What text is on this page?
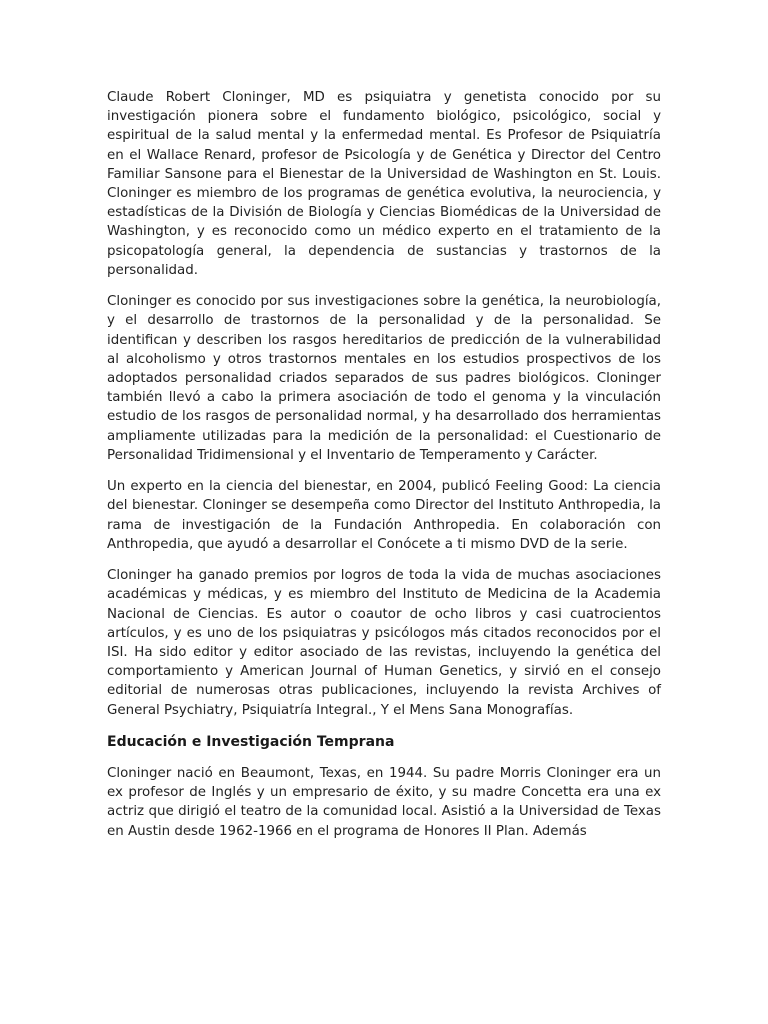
Claude Robert Cloninger, MD es psiquiatra y genetista conocido por su investigación pionera sobre el fundamento biológico, psicológico, social y espiritual de la salud mental y la enfermedad mental. Es Profesor de Psiquiatría en el Wallace Renard, profesor de Psicología y de Genética y Director del Centro Familiar Sansone para el Bienestar de la Universidad de Washington en St. Louis. Cloninger es miembro de los programas de genética evolutiva, la neurociencia, y estadísticas de la División de Biología y Ciencias Biomédicas de la Universidad de Washington, y es reconocido como un médico experto en el tratamiento de la psicopatología general, la dependencia de sustancias y trastornos de la personalidad.

Cloninger es conocido por sus investigaciones sobre la genética, la neurobiología, y el desarrollo de trastornos de la personalidad y de la personalidad. Se identifican y describen los rasgos hereditarios de predicción de la vulnerabilidad al alcoholismo y otros trastornos mentales en los estudios prospectivos de los adoptados personalidad criados separados de sus padres biológicos. Cloninger también llevó a cabo la primera asociación de todo el genoma y la vinculación estudio de los rasgos de personalidad normal, y ha desarrollado dos herramientas ampliamente utilizadas para la medición de la personalidad: el Cuestionario de Personalidad Tridimensional y el Inventario de Temperamento y Carácter.

Un experto en la ciencia del bienestar, en 2004, publicó Feeling Good: La ciencia del bienestar. Cloninger se desempeña como Director del Instituto Anthropedia, la rama de investigación de la Fundación Anthropedia. En colaboración con Anthropedia, que ayudó a desarrollar el Conócete a ti mismo DVD de la serie.

Cloninger ha ganado premios por logros de toda la vida de muchas asociaciones académicas y médicas, y es miembro del Instituto de Medicina de la Academia Nacional de Ciencias. Es autor o coautor de ocho libros y casi cuatrocientos artículos, y es uno de los psiquiatras y psicólogos más citados reconocidos por el ISI. Ha sido editor y editor asociado de las revistas, incluyendo la genética del comportamiento y American Journal of Human Genetics, y sirvió en el consejo editorial de numerosas otras publicaciones, incluyendo la revista Archives of General Psychiatry, Psiquiatría Integral., Y el Mens Sana Monografías.

Educación e Investigación Temprana

Cloninger nació en Beaumont, Texas, en 1944. Su padre Morris Cloninger era un ex profesor de Inglés y un empresario de éxito, y su madre Concetta era una ex actriz que dirigió el teatro de la comunidad local. Asistió a la Universidad de Texas en Austin desde 1962-1966 en el programa de Honores II Plan. Además
